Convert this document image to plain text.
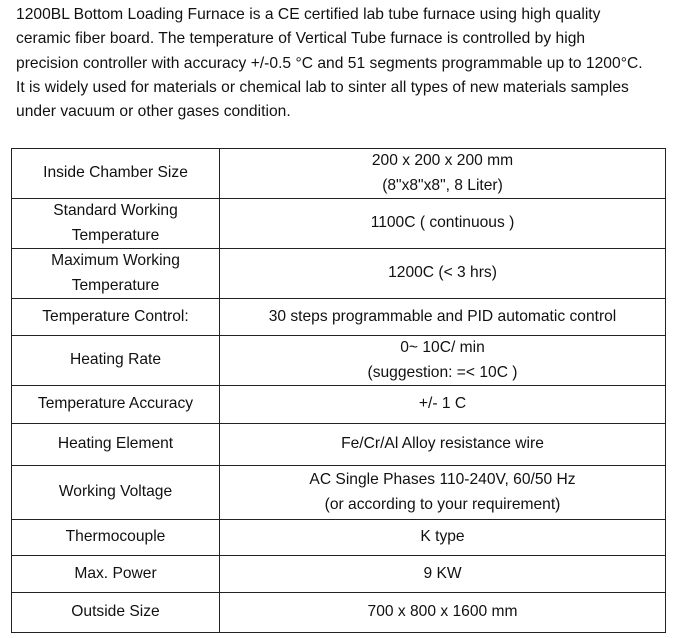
1200BL Bottom Loading Furnace is a CE certified lab tube furnace using high quality
ceramic fiber board. The temperature of Vertical Tube furnace is controlled by high
precision controller with accuracy +/-0.5 °C and 51 segments programmable up to 1200°C.
It is widely used for materials or chemical lab to sinter all types of new materials samples
under vacuum or other gases condition.

Inside Chamber Size	200 x 200 x 200 mm
(8"x8"x8", 8 Liter)

Standard Working
Temperature	1100C ( continuous )

Maximum Working
Temperature	1200C (< 3 hrs)

Temperature Control:	30 steps programmable and PID automatic control

Heating Rate	0~ 10C/ min
(suggestion: =< 10C )

Temperature Accuracy	+/- 1 C

Heating Element	Fe/Cr/Al Alloy resistance wire

Working Voltage	AC Single Phases 110-240V, 60/50 Hz
(or according to your requirement)

Thermocouple	K type

Max. Power	9 KW

Outside Size	700 x 800 x 1600 mm
